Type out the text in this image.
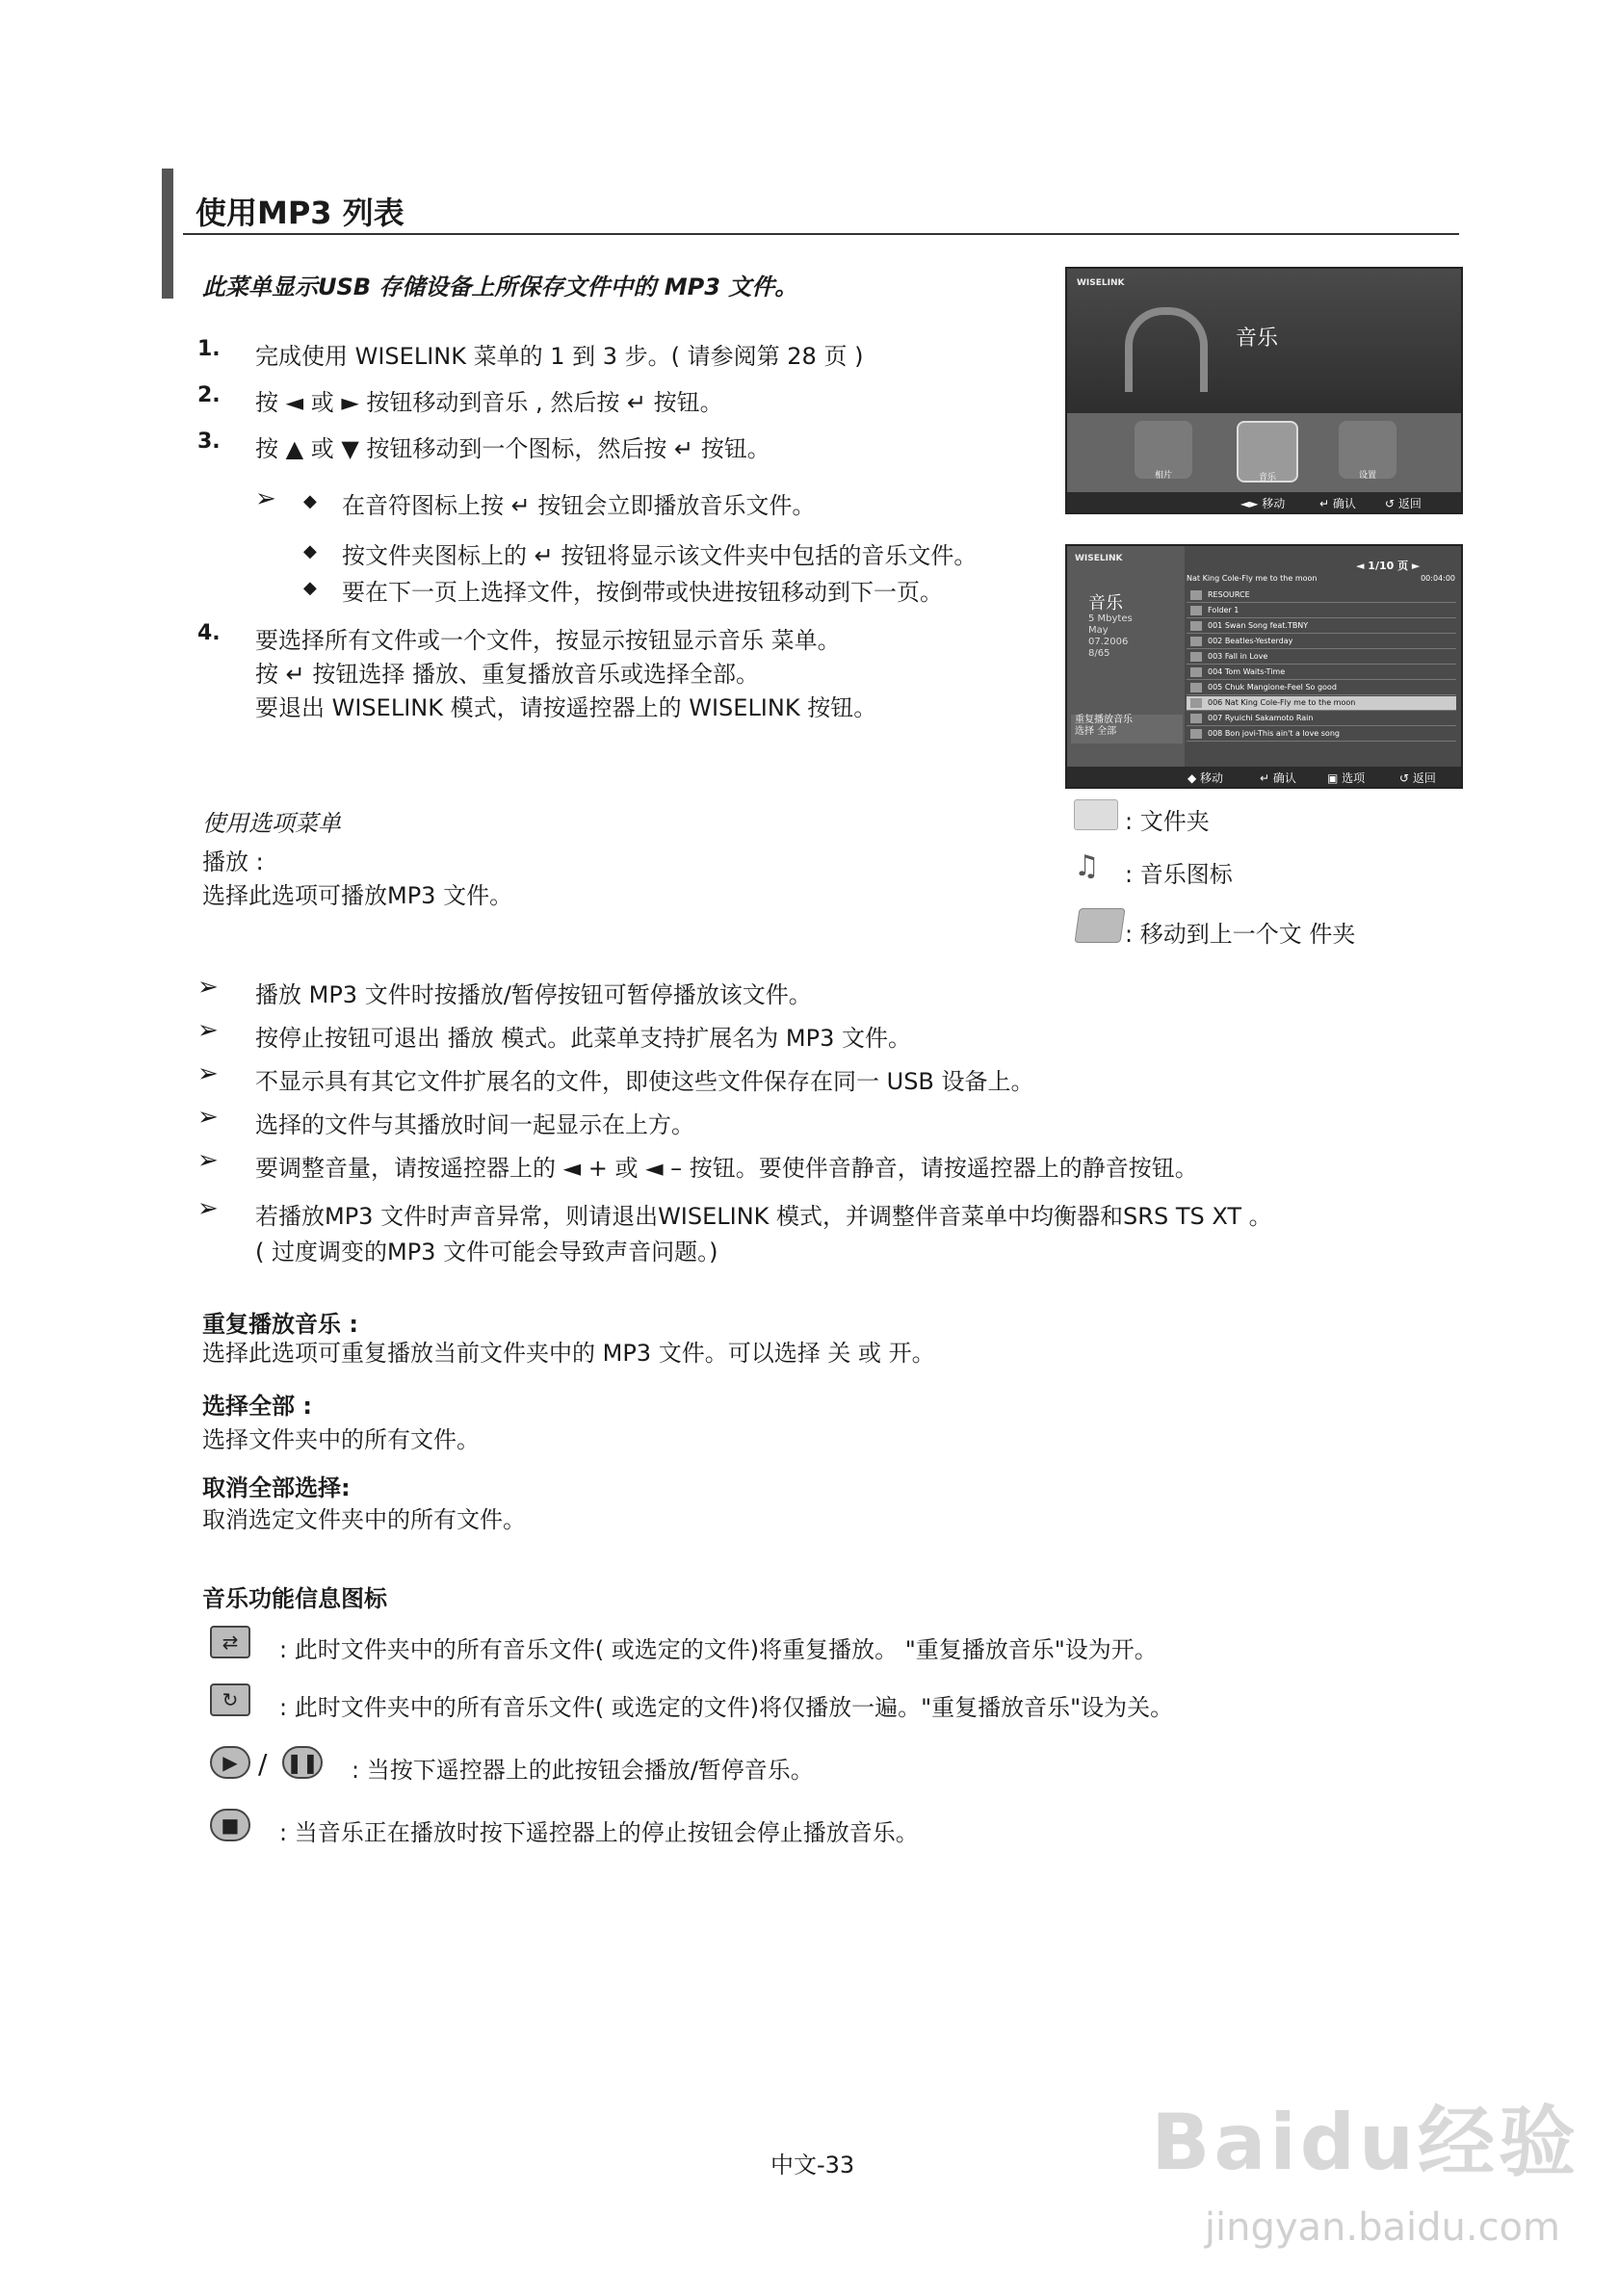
使用MP3 列表
此菜单显示USB 存储设备上所保存文件中的 MP3 文件。
1. 完成使用 WISELINK 菜单的 1 到 3 步。( 请参阅第 28 页 )
2. 按 ◄ 或 ► 按钮移动到音乐 , 然后按 ↵ 按钮。
3. 按 ▲ 或 ▼ 按钮移动到一个图标，然后按 ↵ 按钮。
➢ ◆ 在音符图标上按 ↵ 按钮会立即播放音乐文件。
◆ 按文件夹图标上的 ↵ 按钮将显示该文件夹中包括的音乐文件。
◆ 要在下一页上选择文件，按倒带或快进按钮移动到下一页。
4. 要选择所有文件或一个文件，按显示按钮显示音乐 菜单。
按 ↵ 按钮选择 播放、重复播放音乐或选择全部。
要退出 WISELINK 模式，请按遥控器上的 WISELINK 按钮。
WISELINK
音乐
相片	音乐	设置
◄► 移动	↵ 确认	↺ 返回
WISELINK
音乐
5 Mbytes
May
07.2006
8/65
重复播放音乐
选择 全部
◄ 1/10 页 ►
Nat King Cole-Fly me to the moon	00:04:00
RESOURCE
Folder 1
001 Swan Song feat.TBNY
002 Beatles-Yesterday
003 Fall in Love
004 Tom Waits-Time
005 Chuk Mangione-Feel So good
006 Nat King Cole-Fly me to the moon
007 Ryuichi Sakamoto Rain
008 Bon jovi-This ain't a love song
◆ 移动	↵ 确认	▣ 选项	↺ 返回
: 文件夹
♫	: 音乐图标
: 移动到上一个文 件夹
使用选项菜单
播放 :
选择此选项可播放MP3 文件。
➢ 播放 MP3 文件时按播放/暂停按钮可暂停播放该文件。
➢ 按停止按钮可退出 播放 模式。此菜单支持扩展名为 MP3 文件。
➢ 不显示具有其它文件扩展名的文件，即使这些文件保存在同一 USB 设备上。
➢ 选择的文件与其播放时间一起显示在上方。
➢ 要调整音量，请按遥控器上的 ◄ + 或 ◄ – 按钮。要使伴音静音，请按遥控器上的静音按钮。
➢ 若播放MP3 文件时声音异常，则请退出WISELINK 模式，并调整伴音菜单中均衡器和SRS TS XT 。
( 过度调变的MP3 文件可能会导致声音问题。)
重复播放音乐 :
选择此选项可重复播放当前文件夹中的 MP3 文件。可以选择 关 或 开。
选择全部 :
选择文件夹中的所有文件。
取消全部选择:
取消选定文件夹中的所有文件。
音乐功能信息图标
⇄	: 此时文件夹中的所有音乐文件( 或选定的文件)将重复播放。 "重复播放音乐"设为开。
↻	: 此时文件夹中的所有音乐文件( 或选定的文件)将仅播放一遍。"重复播放音乐"设为关。
▶ / ❚❚ : 当按下遥控器上的此按钮会播放/暂停音乐。
■	: 当音乐正在播放时按下遥控器上的停止按钮会停止播放音乐。
中文-33	Baidu经验
jingyan.baidu.com
